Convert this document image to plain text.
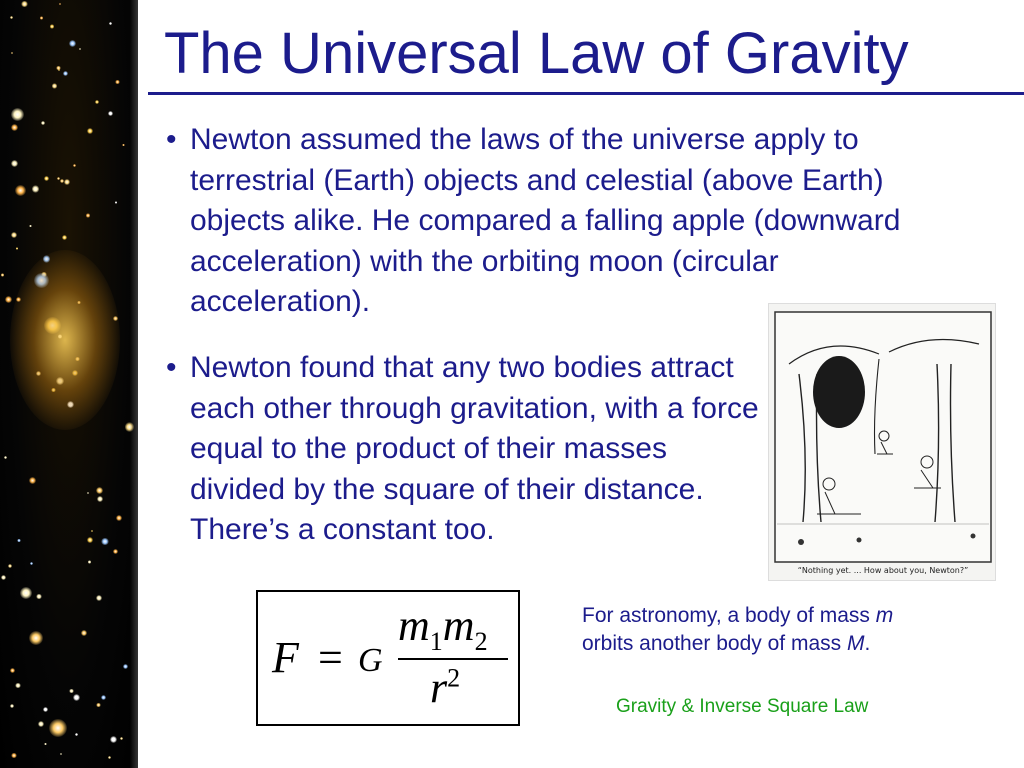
The Universal Law of Gravity
• Newton assumed the laws of the universe apply to terrestrial (Earth) objects and celestial (above Earth) objects alike. He compared a falling apple (downward acceleration) with the orbiting moon (circular acceleration).
• Newton found that any two bodies attract each other through gravitation, with a force equal to the product of their masses divided by the square of their distance. There’s a constant too.
“Nothing yet. ... How about you, Newton?”
F = G
$m_1m_2$
$r^2$
For astronomy, a body of mass m
orbits another body of mass M.
Gravity & Inverse Square Law
